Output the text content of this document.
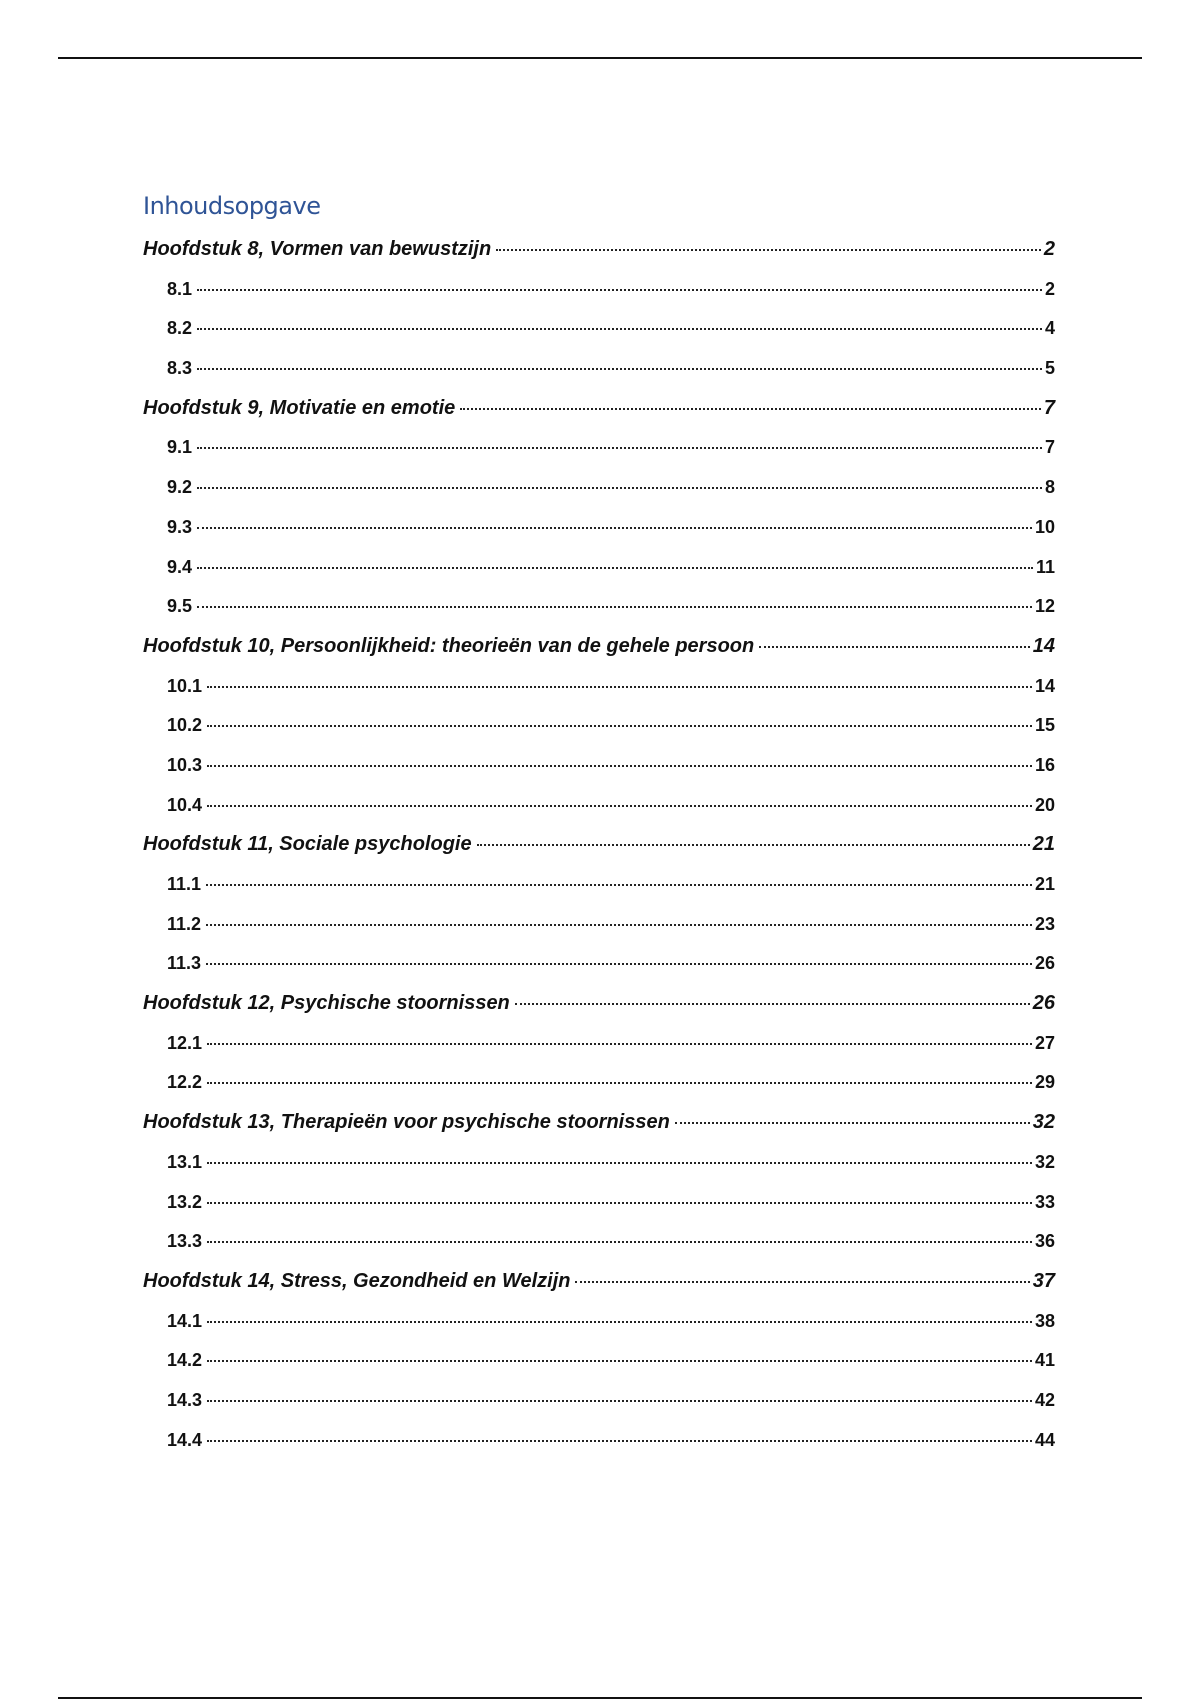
Inhoudsopgave
Hoofdstuk 8, Vormen van bewustzijn	2
8.1	2
8.2	4
8.3	5
Hoofdstuk 9, Motivatie en emotie	7
9.1	7
9.2	8
9.3	10
9.4	11
9.5	12
Hoofdstuk 10, Persoonlijkheid: theorieën van de gehele persoon	14
10.1	14
10.2	15
10.3	16
10.4	20
Hoofdstuk 11, Sociale psychologie	21
11.1	21
11.2	23
11.3	26
Hoofdstuk 12, Psychische stoornissen	26
12.1	27
12.2	29
Hoofdstuk 13, Therapieën voor psychische stoornissen	32
13.1	32
13.2	33
13.3	36
Hoofdstuk 14, Stress, Gezondheid en Welzijn	37
14.1	38
14.2	41
14.3	42
14.4	44
